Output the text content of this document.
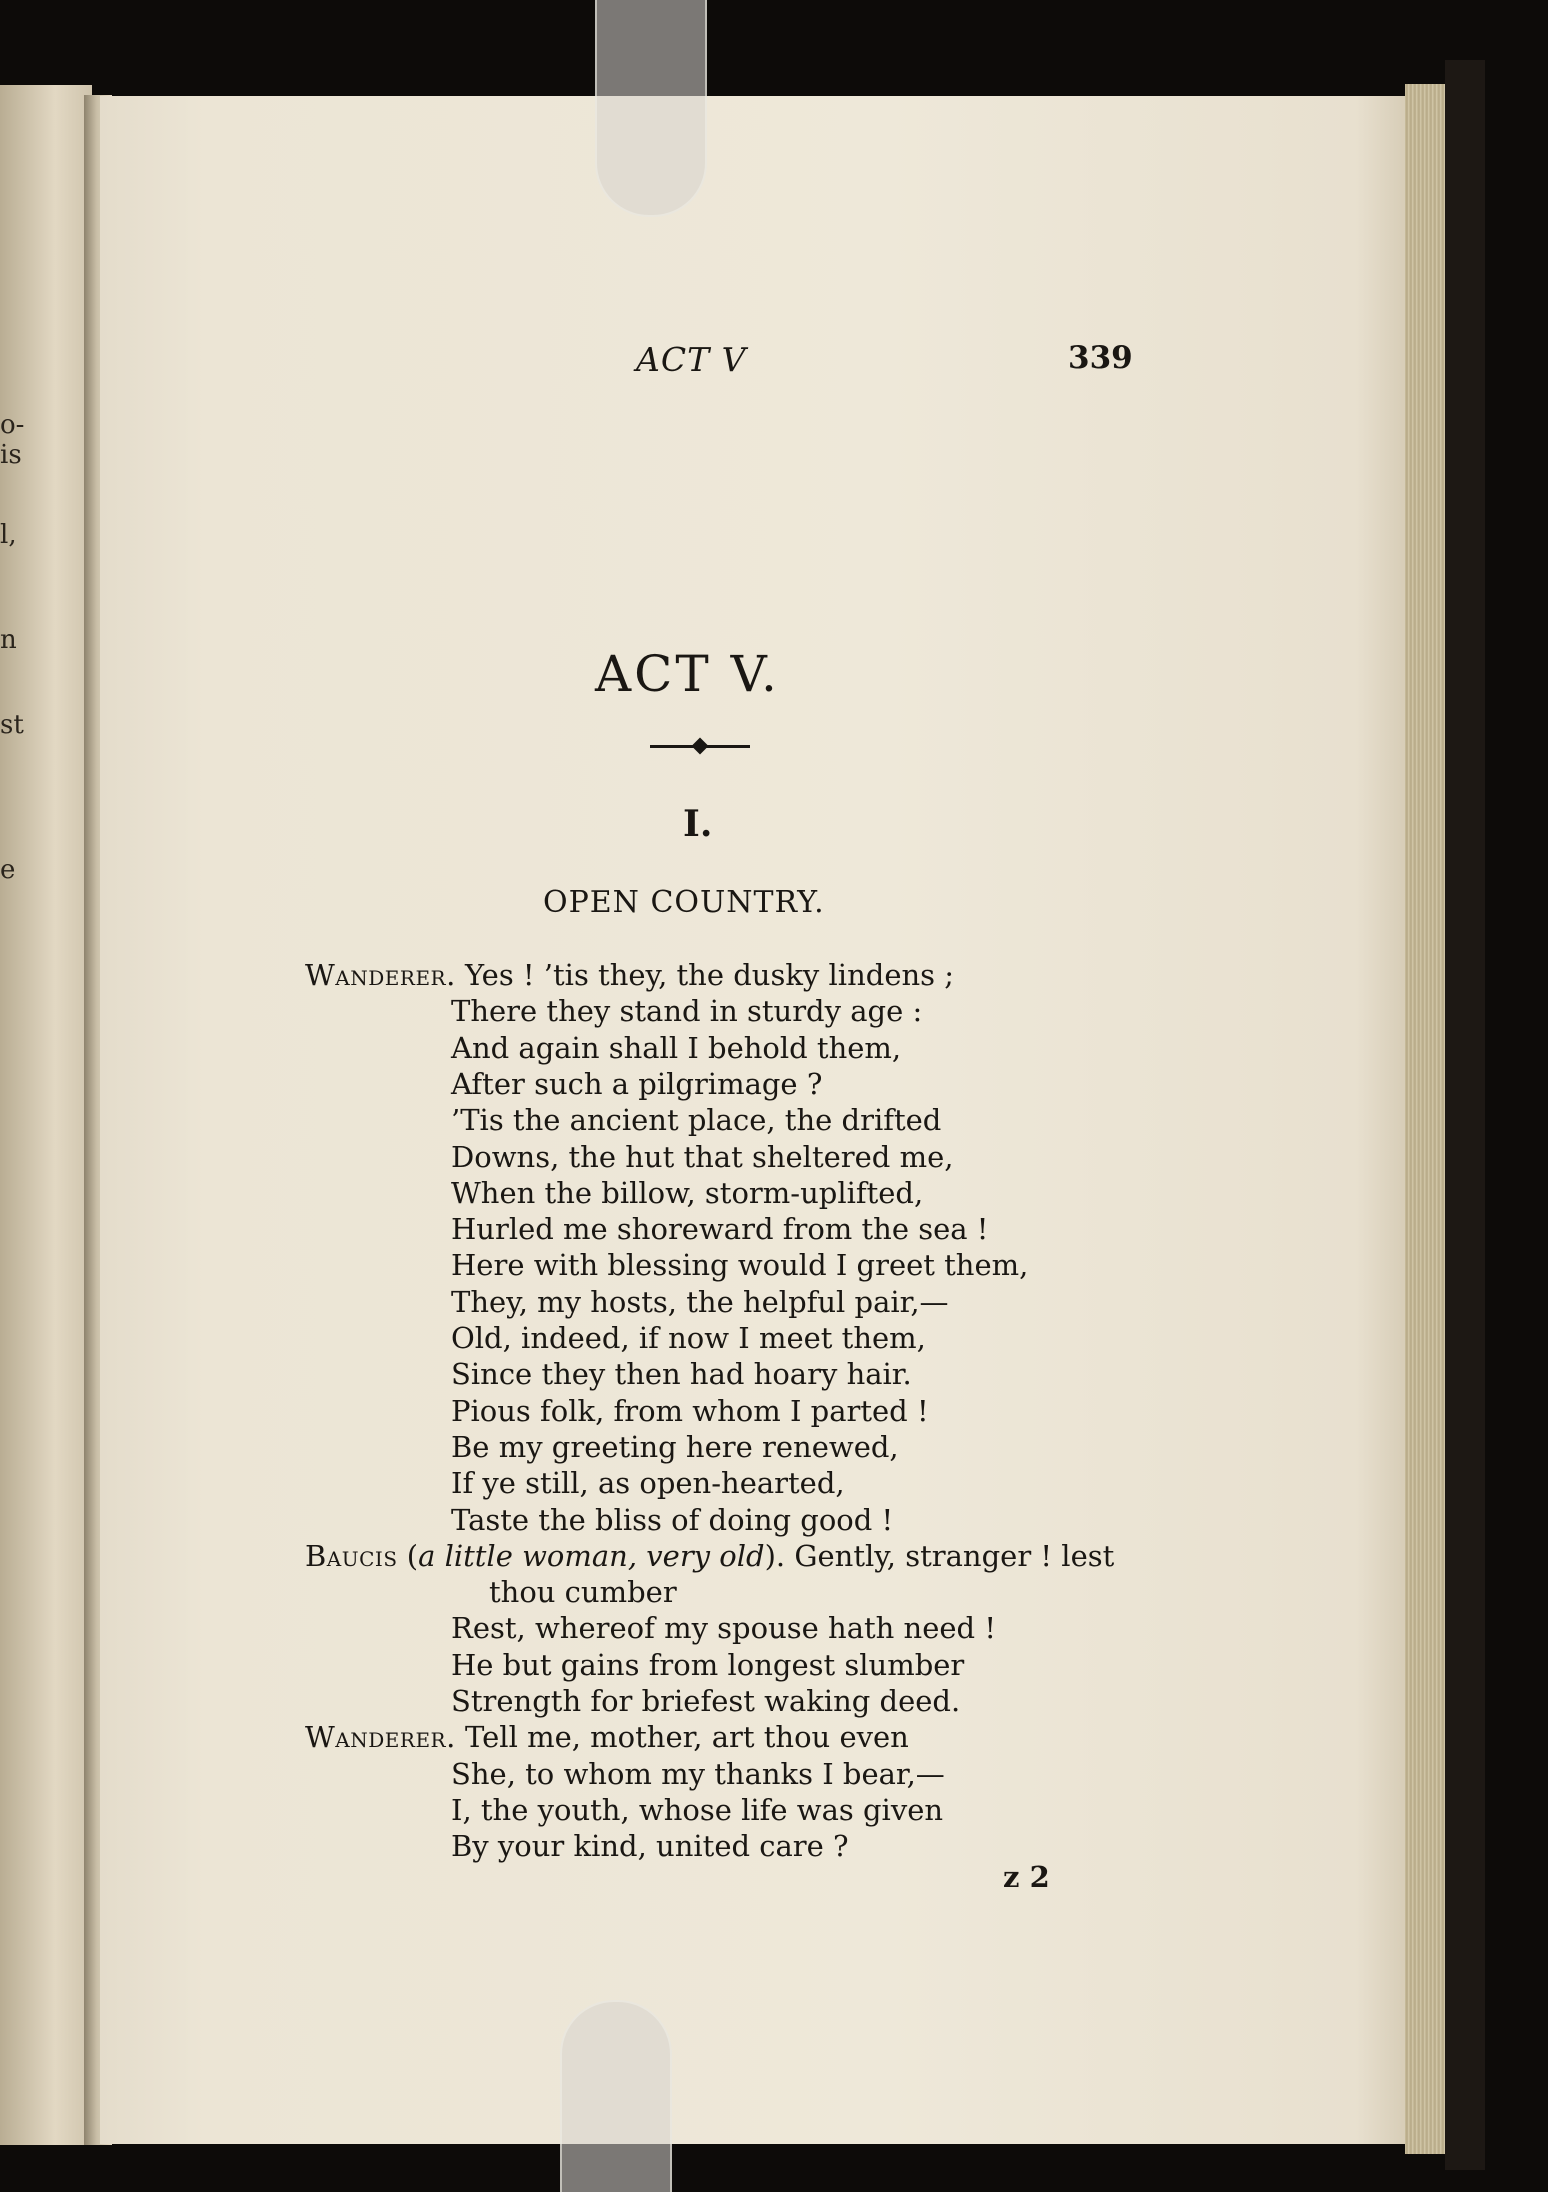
o-
is
l,
n
st
e
ACT V	339
ACT V.
I.
OPEN COUNTRY.
Wanderer. Yes ! ’tis they, the dusky lindens ;
There they stand in sturdy age :
And again shall I behold them,
After such a pilgrimage ?
’Tis the ancient place, the drifted
Downs, the hut that sheltered me,
When the billow, storm-uplifted,
Hurled me shoreward from the sea !
Here with blessing would I greet them,
They, my hosts, the helpful pair,—
Old, indeed, if now I meet them,
Since they then had hoary hair.
Pious folk, from whom I parted !
Be my greeting here renewed,
If ye still, as open-hearted,
Taste the bliss of doing good !
Baucis (a little woman, very old). Gently, stranger ! lest
thou cumber
Rest, whereof my spouse hath need !
He but gains from longest slumber
Strength for briefest waking deed.
Wanderer. Tell me, mother, art thou even
She, to whom my thanks I bear,—
I, the youth, whose life was given
By your kind, united care ?
z 2
